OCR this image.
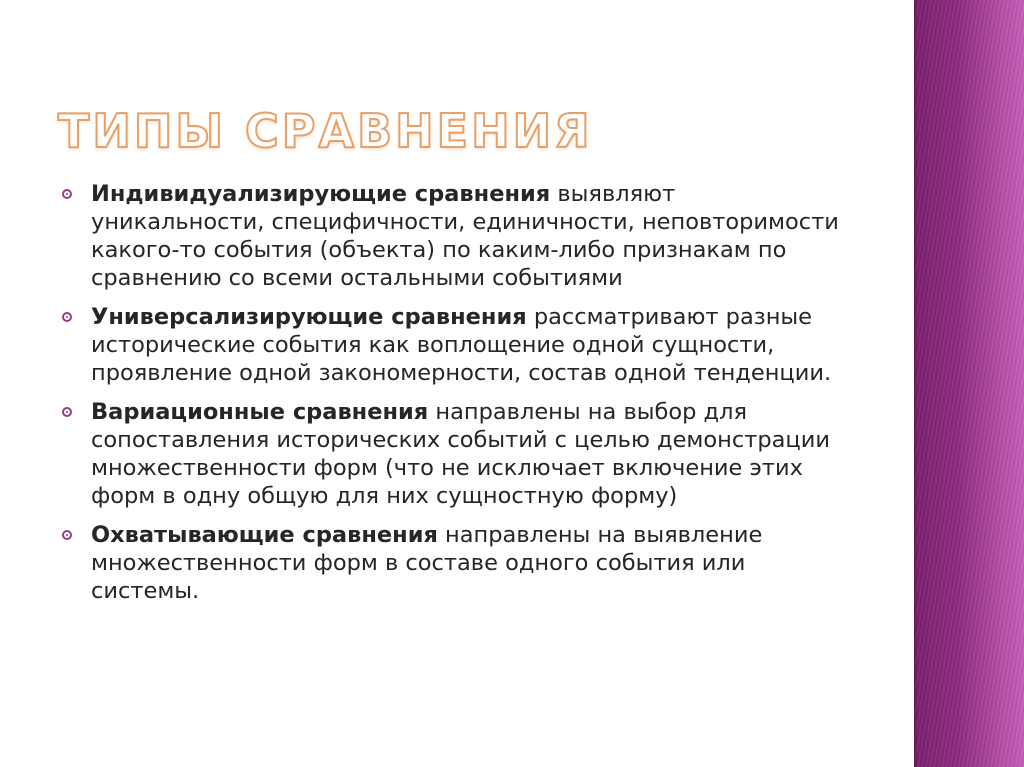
ТИПЫ СРАВНЕНИЯ
Индивидуализирующие сравнения выявляют уникальности, специфичности, единичности, неповторимости какого-то события (объекта) по каким-либо признакам по сравнению со всеми остальными событиями
Универсализирующие сравнения рассматривают разные исторические события как воплощение одной сущности, проявление одной закономерности, состав одной тенденции.
Вариационные сравнения направлены на выбор для сопоставления исторических событий с целью демонстрации множественности форм (что не исключает включение этих форм в одну общую для них сущностную форму)
Охватывающие сравнения направлены на выявление множественности форм в составе одного события или системы.
